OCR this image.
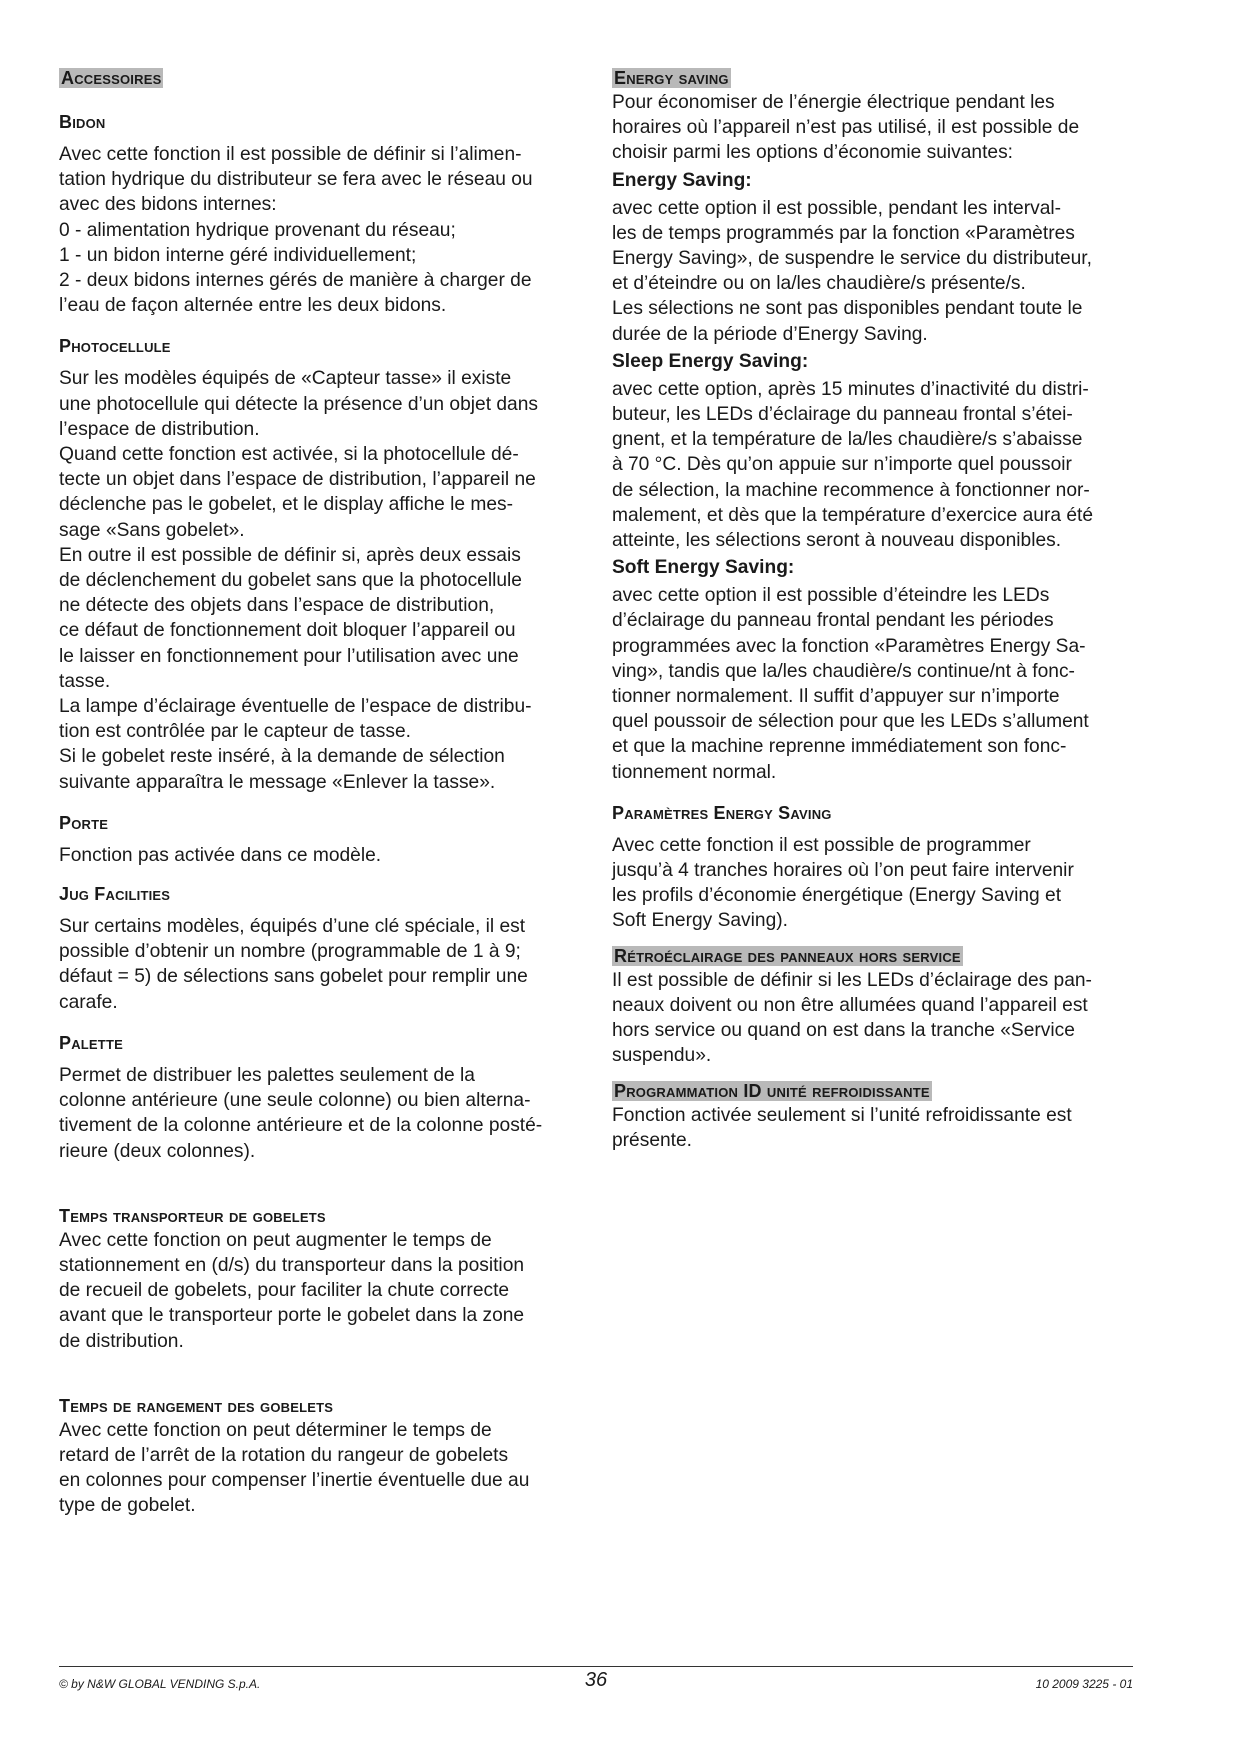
Accessoires
Bidon

Avec cette fonction il est possible de définir si l’alimen-
tation hydrique du distributeur se fera avec le réseau ou
avec des bidons internes:
0 - alimentation hydrique provenant du réseau;
1 - un bidon interne géré individuellement;
2 - deux bidons internes gérés de manière à charger de
l’eau de façon alternée entre les deux bidons.

Photocellule

Sur les modèles équipés de «Capteur tasse» il existe
une photocellule qui détecte la présence d’un objet dans
l’espace de distribution.
Quand cette fonction est activée, si la photocellule dé-
tecte un objet dans l’espace de distribution, l’appareil ne
déclenche pas le gobelet, et le display affiche le mes-
sage «Sans gobelet».
En outre il est possible de définir si, après deux essais
de déclenchement du gobelet sans que la photocellule
ne détecte des objets dans l’espace de distribution,
ce défaut de fonctionnement doit bloquer l’appareil ou
le laisser en fonctionnement pour l’utilisation avec une
tasse.
La lampe d’éclairage éventuelle de l’espace de distribu-
tion est contrôlée par le capteur de tasse.
Si le gobelet reste inséré, à la demande de sélection
suivante apparaîtra le message «Enlever la tasse».

Porte

Fonction pas activée dans ce modèle.

Jug Facilities

Sur certains modèles, équipés d’une clé spéciale, il est
possible d’obtenir un nombre (programmable de 1 à 9;
défaut = 5) de sélections sans gobelet pour remplir une
carafe.

Palette

Permet de distribuer les palettes seulement de la
colonne antérieure (une seule colonne) ou bien alterna-
tivement de la colonne antérieure et de la colonne posté-
rieure (deux colonnes).

Temps transporteur de gobelets

Avec cette fonction on peut augmenter le temps de
stationnement en (d/s) du transporteur dans la position
de recueil de gobelets, pour faciliter la chute correcte
avant que le transporteur porte le gobelet dans la zone
de distribution.

Temps de rangement des gobelets

Avec cette fonction on peut déterminer le temps de
retard de l’arrêt de la rotation du rangeur de gobelets
en colonnes pour compenser l’inertie éventuelle due au
type de gobelet.

Energy saving

Pour économiser de l’énergie électrique pendant les
horaires où l’appareil n’est pas utilisé, il est possible de
choisir parmi les options d’économie suivantes:

Energy Saving:

avec cette option il est possible, pendant les interval-
les de temps programmés par la fonction «Paramètres
Energy Saving», de suspendre le service du distributeur,
et d’éteindre ou on la/les chaudière/s présente/s.
Les sélections ne sont pas disponibles pendant toute le
durée de la période d’Energy Saving.

Sleep Energy Saving:

avec cette option, après 15 minutes d’inactivité du distri-
buteur, les LEDs d’éclairage du panneau frontal s’étei-
gnent, et la température de la/les chaudière/s s’abaisse
à 70 °C. Dès qu’on appuie sur n’importe quel poussoir
de sélection, la machine recommence à fonctionner nor-
malement, et dès que la température d’exercice aura été
atteinte, les sélections seront à nouveau disponibles.

Soft Energy Saving:

avec cette option il est possible d’éteindre les LEDs
d’éclairage du panneau frontal pendant les périodes
programmées avec la fonction «Paramètres Energy Sa-
ving», tandis que la/les chaudière/s continue/nt à fonc-
tionner normalement. Il suffit d’appuyer sur n’importe
quel poussoir de sélection pour que les LEDs s’allument
et que la machine reprenne immédiatement son fonc-
tionnement normal.

Paramètres Energy Saving

Avec cette fonction il est possible de programmer
jusqu’à 4 tranches horaires où l’on peut faire intervenir
les profils d’économie énergétique (Energy Saving et
Soft Energy Saving).

Rétroéclairage des panneaux hors service

Il est possible de définir si les LEDs d’éclairage des pan-
neaux doivent ou non être allumées quand l’appareil est
hors service ou quand on est dans la tranche «Service
suspendu».

Programmation ID unité refroidissante

Fonction activée seulement si l’unité refroidissante est
présente.

© by N&W GLOBAL VENDING S.p.A.	36	10 2009 3225 - 01
